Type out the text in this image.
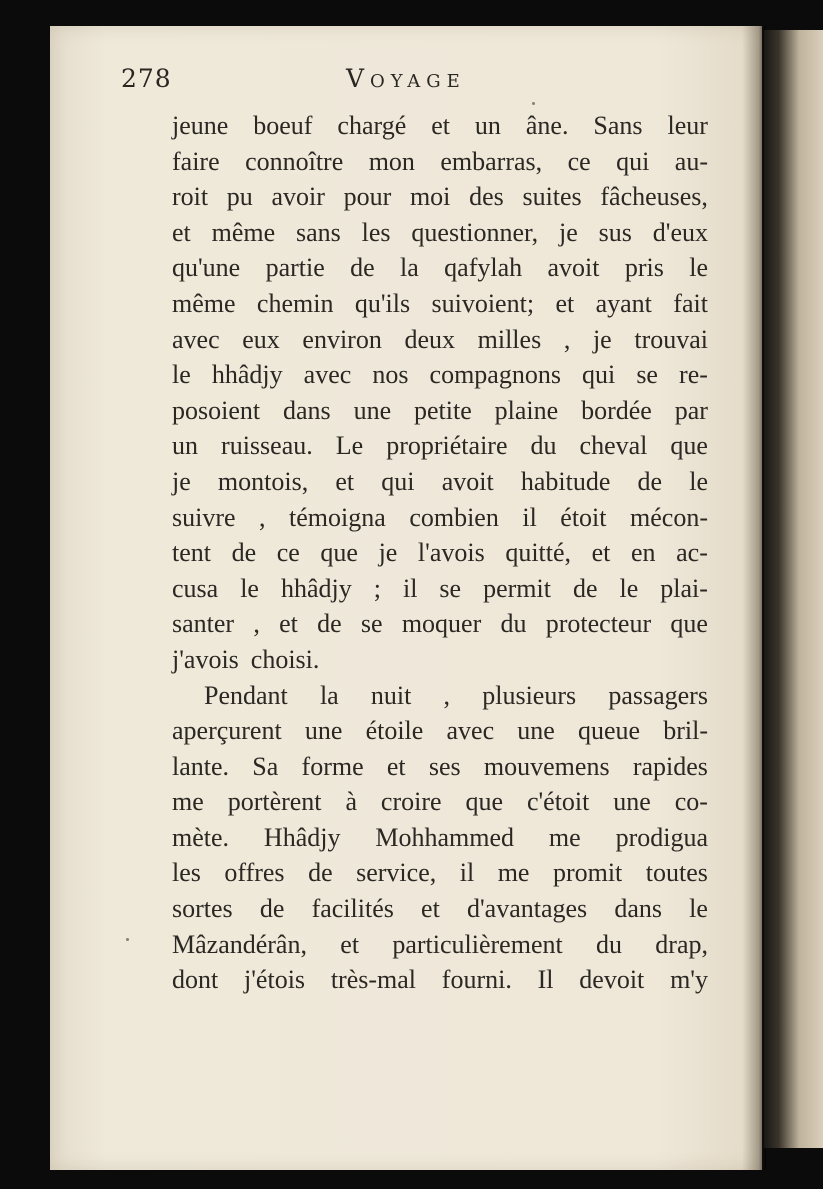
278	Voyage
jeune boeuf chargé et un âne. Sans leur
faire connoître mon embarras, ce qui au-
roit pu avoir pour moi des suites fâcheuses,
et même sans les questionner, je sus d'eux
qu'une partie de la qafylah avoit pris le
même chemin qu'ils suivoient; et ayant fait
avec eux environ deux milles , je trouvai
le hhâdjy avec nos compagnons qui se re-
posoient dans une petite plaine bordée par
un ruisseau. Le propriétaire du cheval que
je montois, et qui avoit habitude de le
suivre , témoigna combien il étoit mécon-
tent de ce que je l'avois quitté, et en ac-
cusa le hhâdjy ; il se permit de le plai-
santer , et de se moquer du protecteur que
j'avois choisi.
Pendant la nuit , plusieurs passagers
aperçurent une étoile avec une queue bril-
lante. Sa forme et ses mouvemens rapides
me portèrent à croire que c'étoit une co-
mète. Hhâdjy Mohhammed me prodigua
les offres de service, il me promit toutes
sortes de facilités et d'avantages dans le
Mâzandérân, et particulièrement du drap,
dont j'étois très-mal fourni. Il devoit m'y
